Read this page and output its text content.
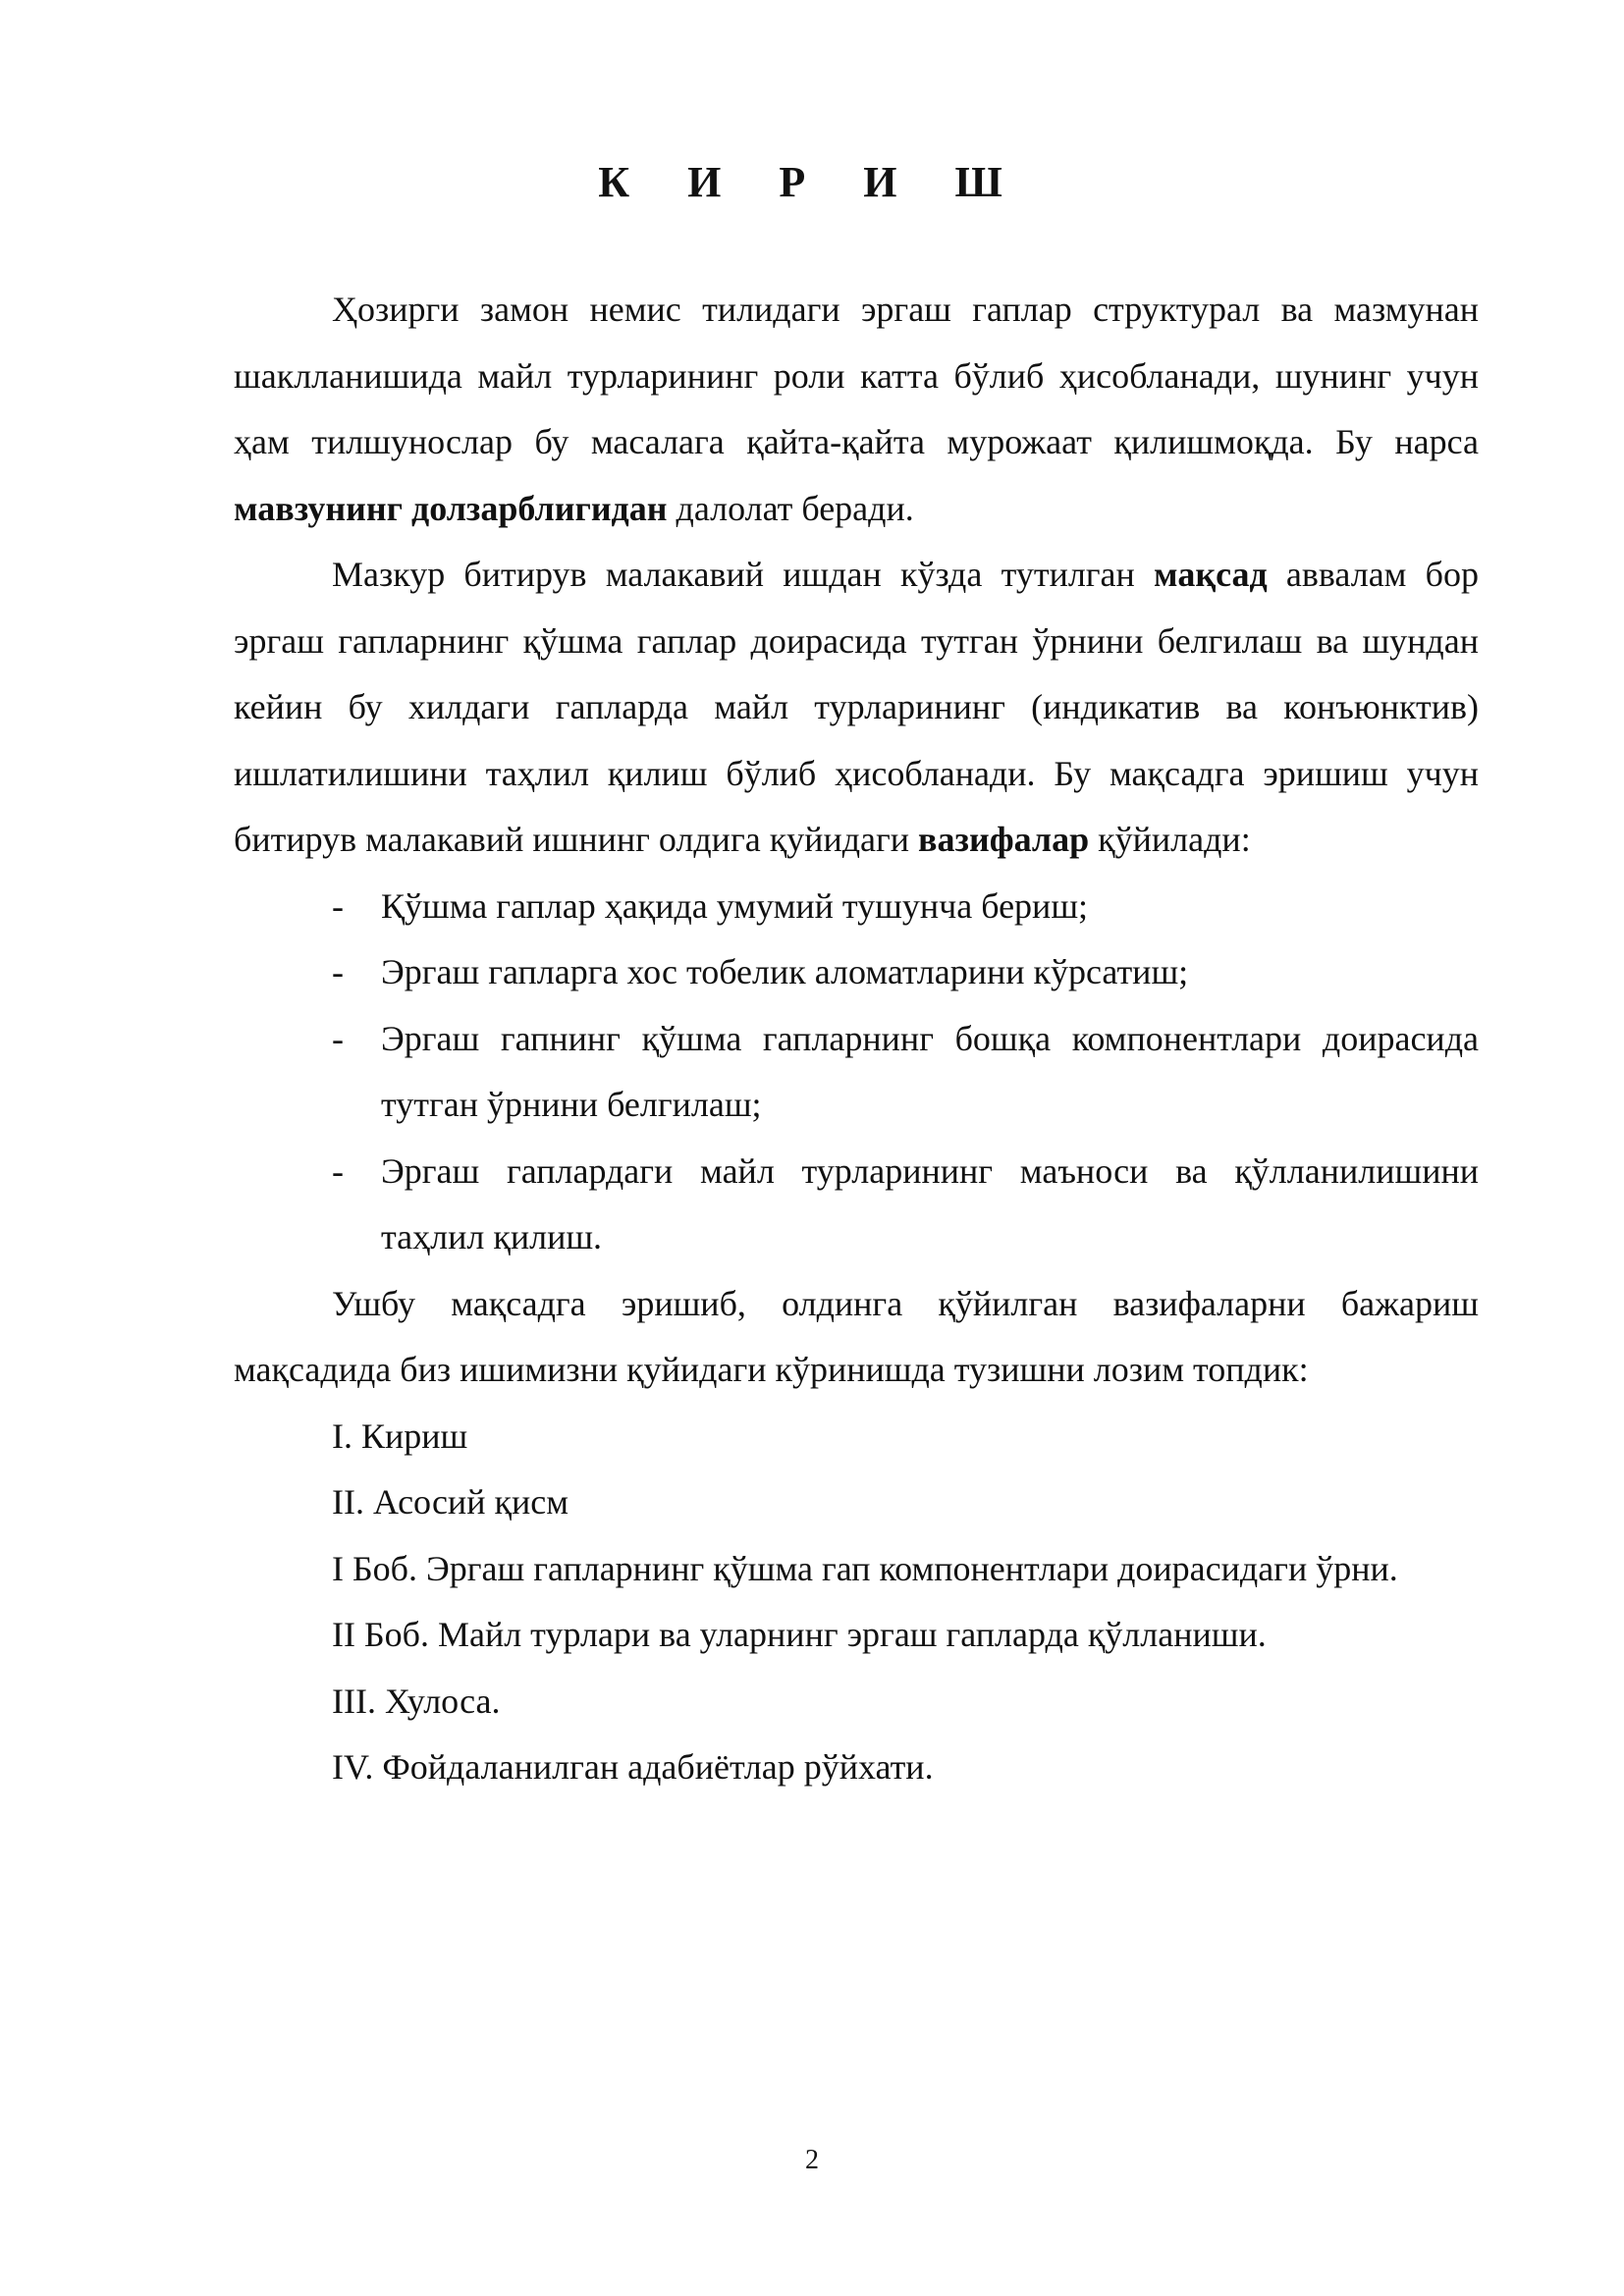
К И Р И Ш

Ҳозирги замон немис тилидаги эргаш гаплар структурал ва мазмунан шаклланишида майл турларининг роли катта бўлиб ҳисобланади, шунинг учун ҳам тилшунослар бу масалага қайта-қайта мурожаат қилишмоқда. Бу нарса мавзунинг долзарблигидан далолат беради.

Мазкур битирув малакавий ишдан кўзда тутилган мақсад аввалам бор эргаш гапларнинг қўшма гаплар доирасида тутган ўрнини белгилаш ва шундан кейин бу хилдаги гапларда майл турларининг (индикатив ва конъюнктив) ишлатилишини таҳлил қилиш бўлиб ҳисобланади. Бу мақсадга эришиш учун битирув малакавий ишнинг олдига қуйидаги вазифалар қўйилади:

- Қўшма гаплар ҳақида умумий тушунча бериш;
- Эргаш гапларга хос тобелик аломатларини кўрсатиш;
- Эргаш гапнинг қўшма гапларнинг бошқа компонентлари доирасида тутган ўрнини белгилаш;
- Эргаш гаплардаги майл турларининг маъноси ва қўлланилишини таҳлил қилиш.

Ушбу мақсадга эришиб, олдинга қўйилган вазифаларни бажариш мақсадида биз ишимизни қуйидаги кўринишда тузишни лозим топдик:

I. Кириш

II. Асосий қисм

I Боб. Эргаш гапларнинг қўшма гап компонентлари доирасидаги ўрни.

II Боб. Майл турлари ва уларнинг эргаш гапларда қўлланиши.

III. Хулоса.

IV. Фойдаланилган адабиётлар рўйхати.

2
